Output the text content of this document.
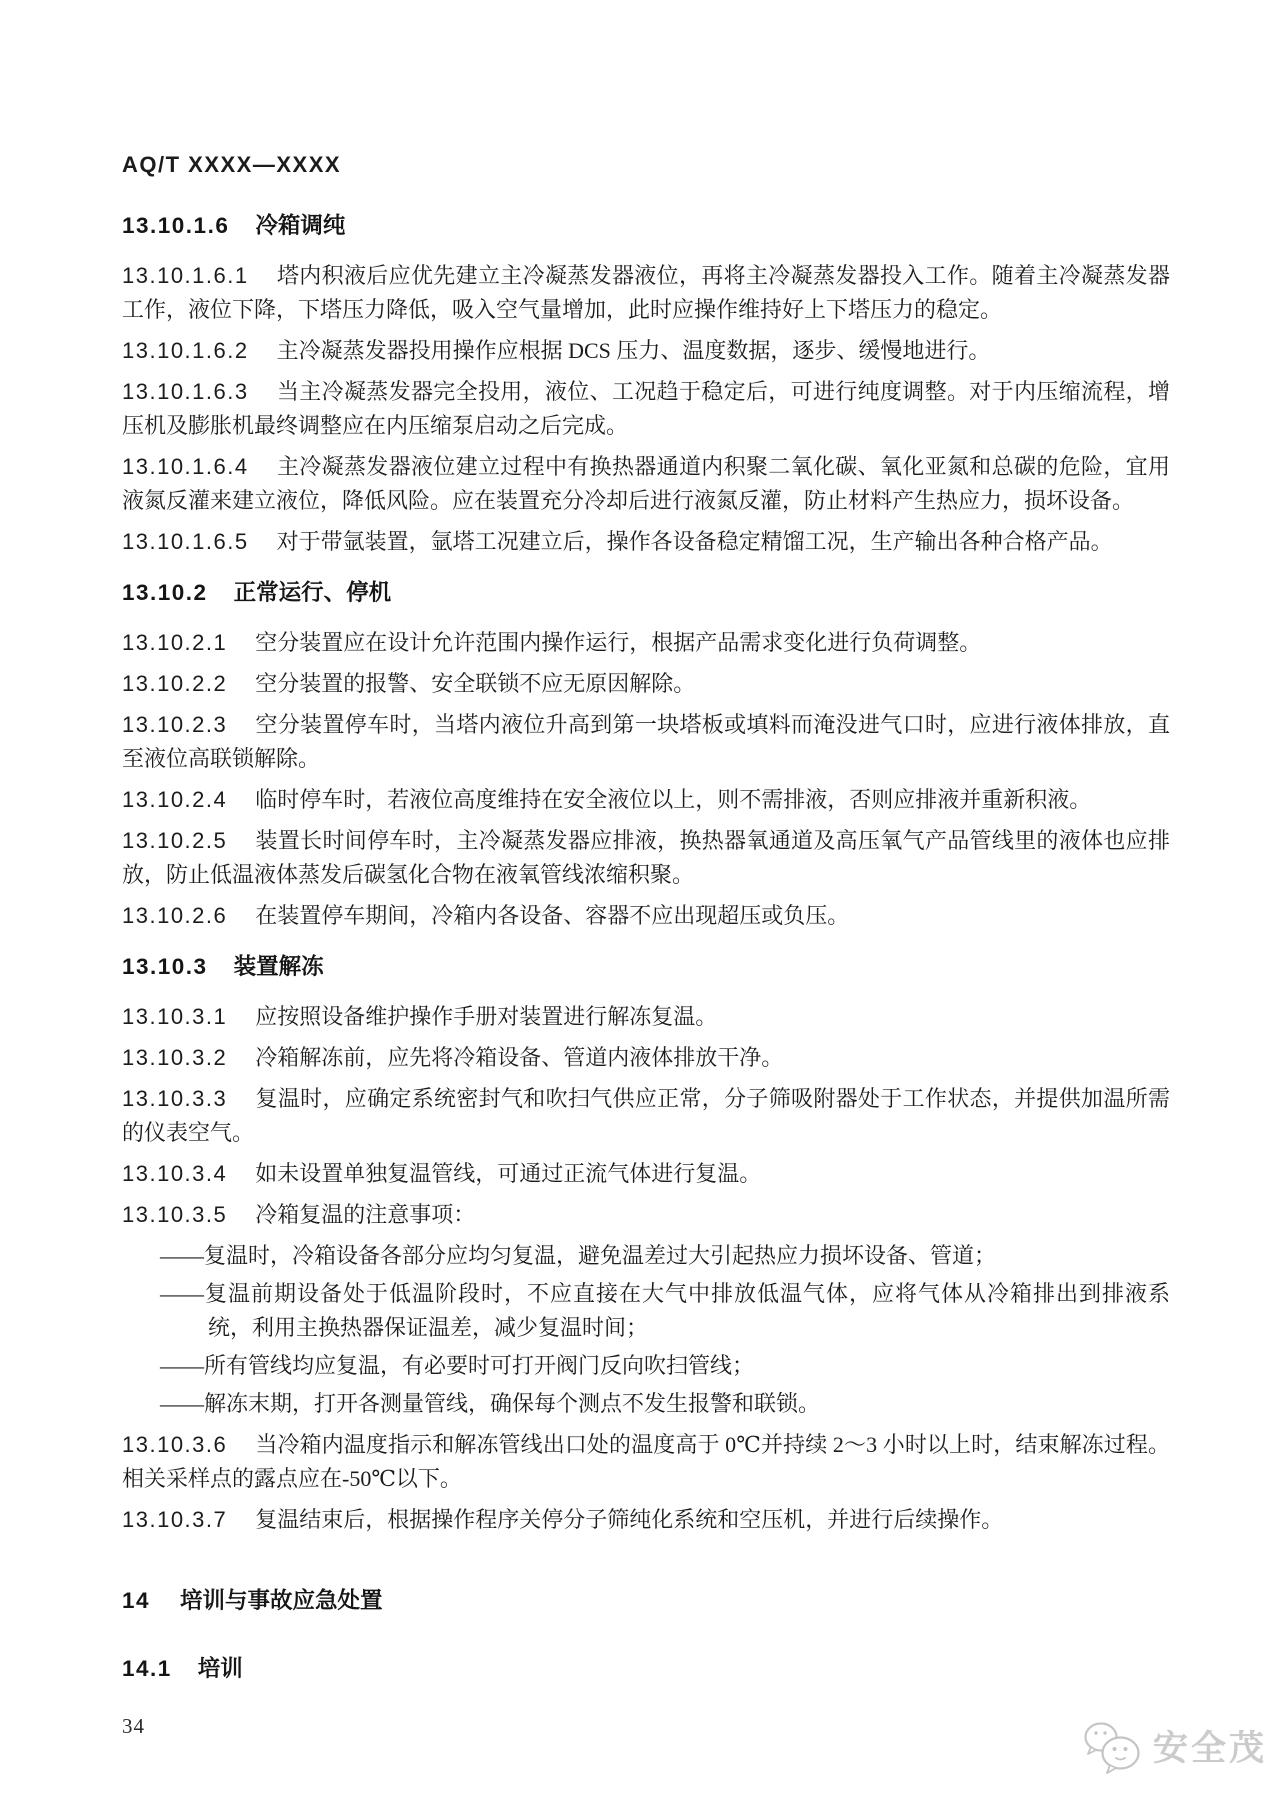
AQ/T XXXX—XXXX
13.10.1.6 冷箱调纯

13.10.1.6.1 塔内积液后应优先建立主冷凝蒸发器液位，再将主冷凝蒸发器投入工作。随着主冷凝蒸发器工作，液位下降，下塔压力降低，吸入空气量增加，此时应操作维持好上下塔压力的稳定。

13.10.1.6.2 主冷凝蒸发器投用操作应根据 DCS 压力、温度数据，逐步、缓慢地进行。

13.10.1.6.3 当主冷凝蒸发器完全投用，液位、工况趋于稳定后，可进行纯度调整。对于内压缩流程，增压机及膨胀机最终调整应在内压缩泵启动之后完成。

13.10.1.6.4 主冷凝蒸发器液位建立过程中有换热器通道内积聚二氧化碳、氧化亚氮和总碳的危险，宜用液氮反灌来建立液位，降低风险。应在装置充分冷却后进行液氮反灌，防止材料产生热应力，损坏设备。

13.10.1.6.5 对于带氩装置，氩塔工况建立后，操作各设备稳定精馏工况，生产输出各种合格产品。

13.10.2 正常运行、停机

13.10.2.1 空分装置应在设计允许范围内操作运行，根据产品需求变化进行负荷调整。

13.10.2.2 空分装置的报警、安全联锁不应无原因解除。

13.10.2.3 空分装置停车时，当塔内液位升高到第一块塔板或填料而淹没进气口时，应进行液体排放，直至液位高联锁解除。

13.10.2.4 临时停车时，若液位高度维持在安全液位以上，则不需排液，否则应排液并重新积液。

13.10.2.5 装置长时间停车时，主冷凝蒸发器应排液，换热器氧通道及高压氧气产品管线里的液体也应排放，防止低温液体蒸发后碳氢化合物在液氧管线浓缩积聚。

13.10.2.6 在装置停车期间，冷箱内各设备、容器不应出现超压或负压。

13.10.3 装置解冻

13.10.3.1 应按照设备维护操作手册对装置进行解冻复温。

13.10.3.2 冷箱解冻前，应先将冷箱设备、管道内液体排放干净。

13.10.3.3 复温时，应确定系统密封气和吹扫气供应正常，分子筛吸附器处于工作状态，并提供加温所需的仪表空气。

13.10.3.4 如未设置单独复温管线，可通过正流气体进行复温。

13.10.3.5 冷箱复温的注意事项：

——复温时，冷箱设备各部分应均匀复温，避免温差过大引起热应力损坏设备、管道；
——复温前期设备处于低温阶段时，不应直接在大气中排放低温气体，应将气体从冷箱排出到排液系统，利用主换热器保证温差，减少复温时间；
——所有管线均应复温，有必要时可打开阀门反向吹扫管线；
——解冻末期，打开各测量管线，确保每个测点不发生报警和联锁。

13.10.3.6 当冷箱内温度指示和解冻管线出口处的温度高于 0℃并持续 2～3 小时以上时，结束解冻过程。相关采样点的露点应在-50℃以下。

13.10.3.7 复温结束后，根据操作程序关停分子筛纯化系统和空压机，并进行后续操作。

14 培训与事故应急处置
14.1 培训
34
安全茂
